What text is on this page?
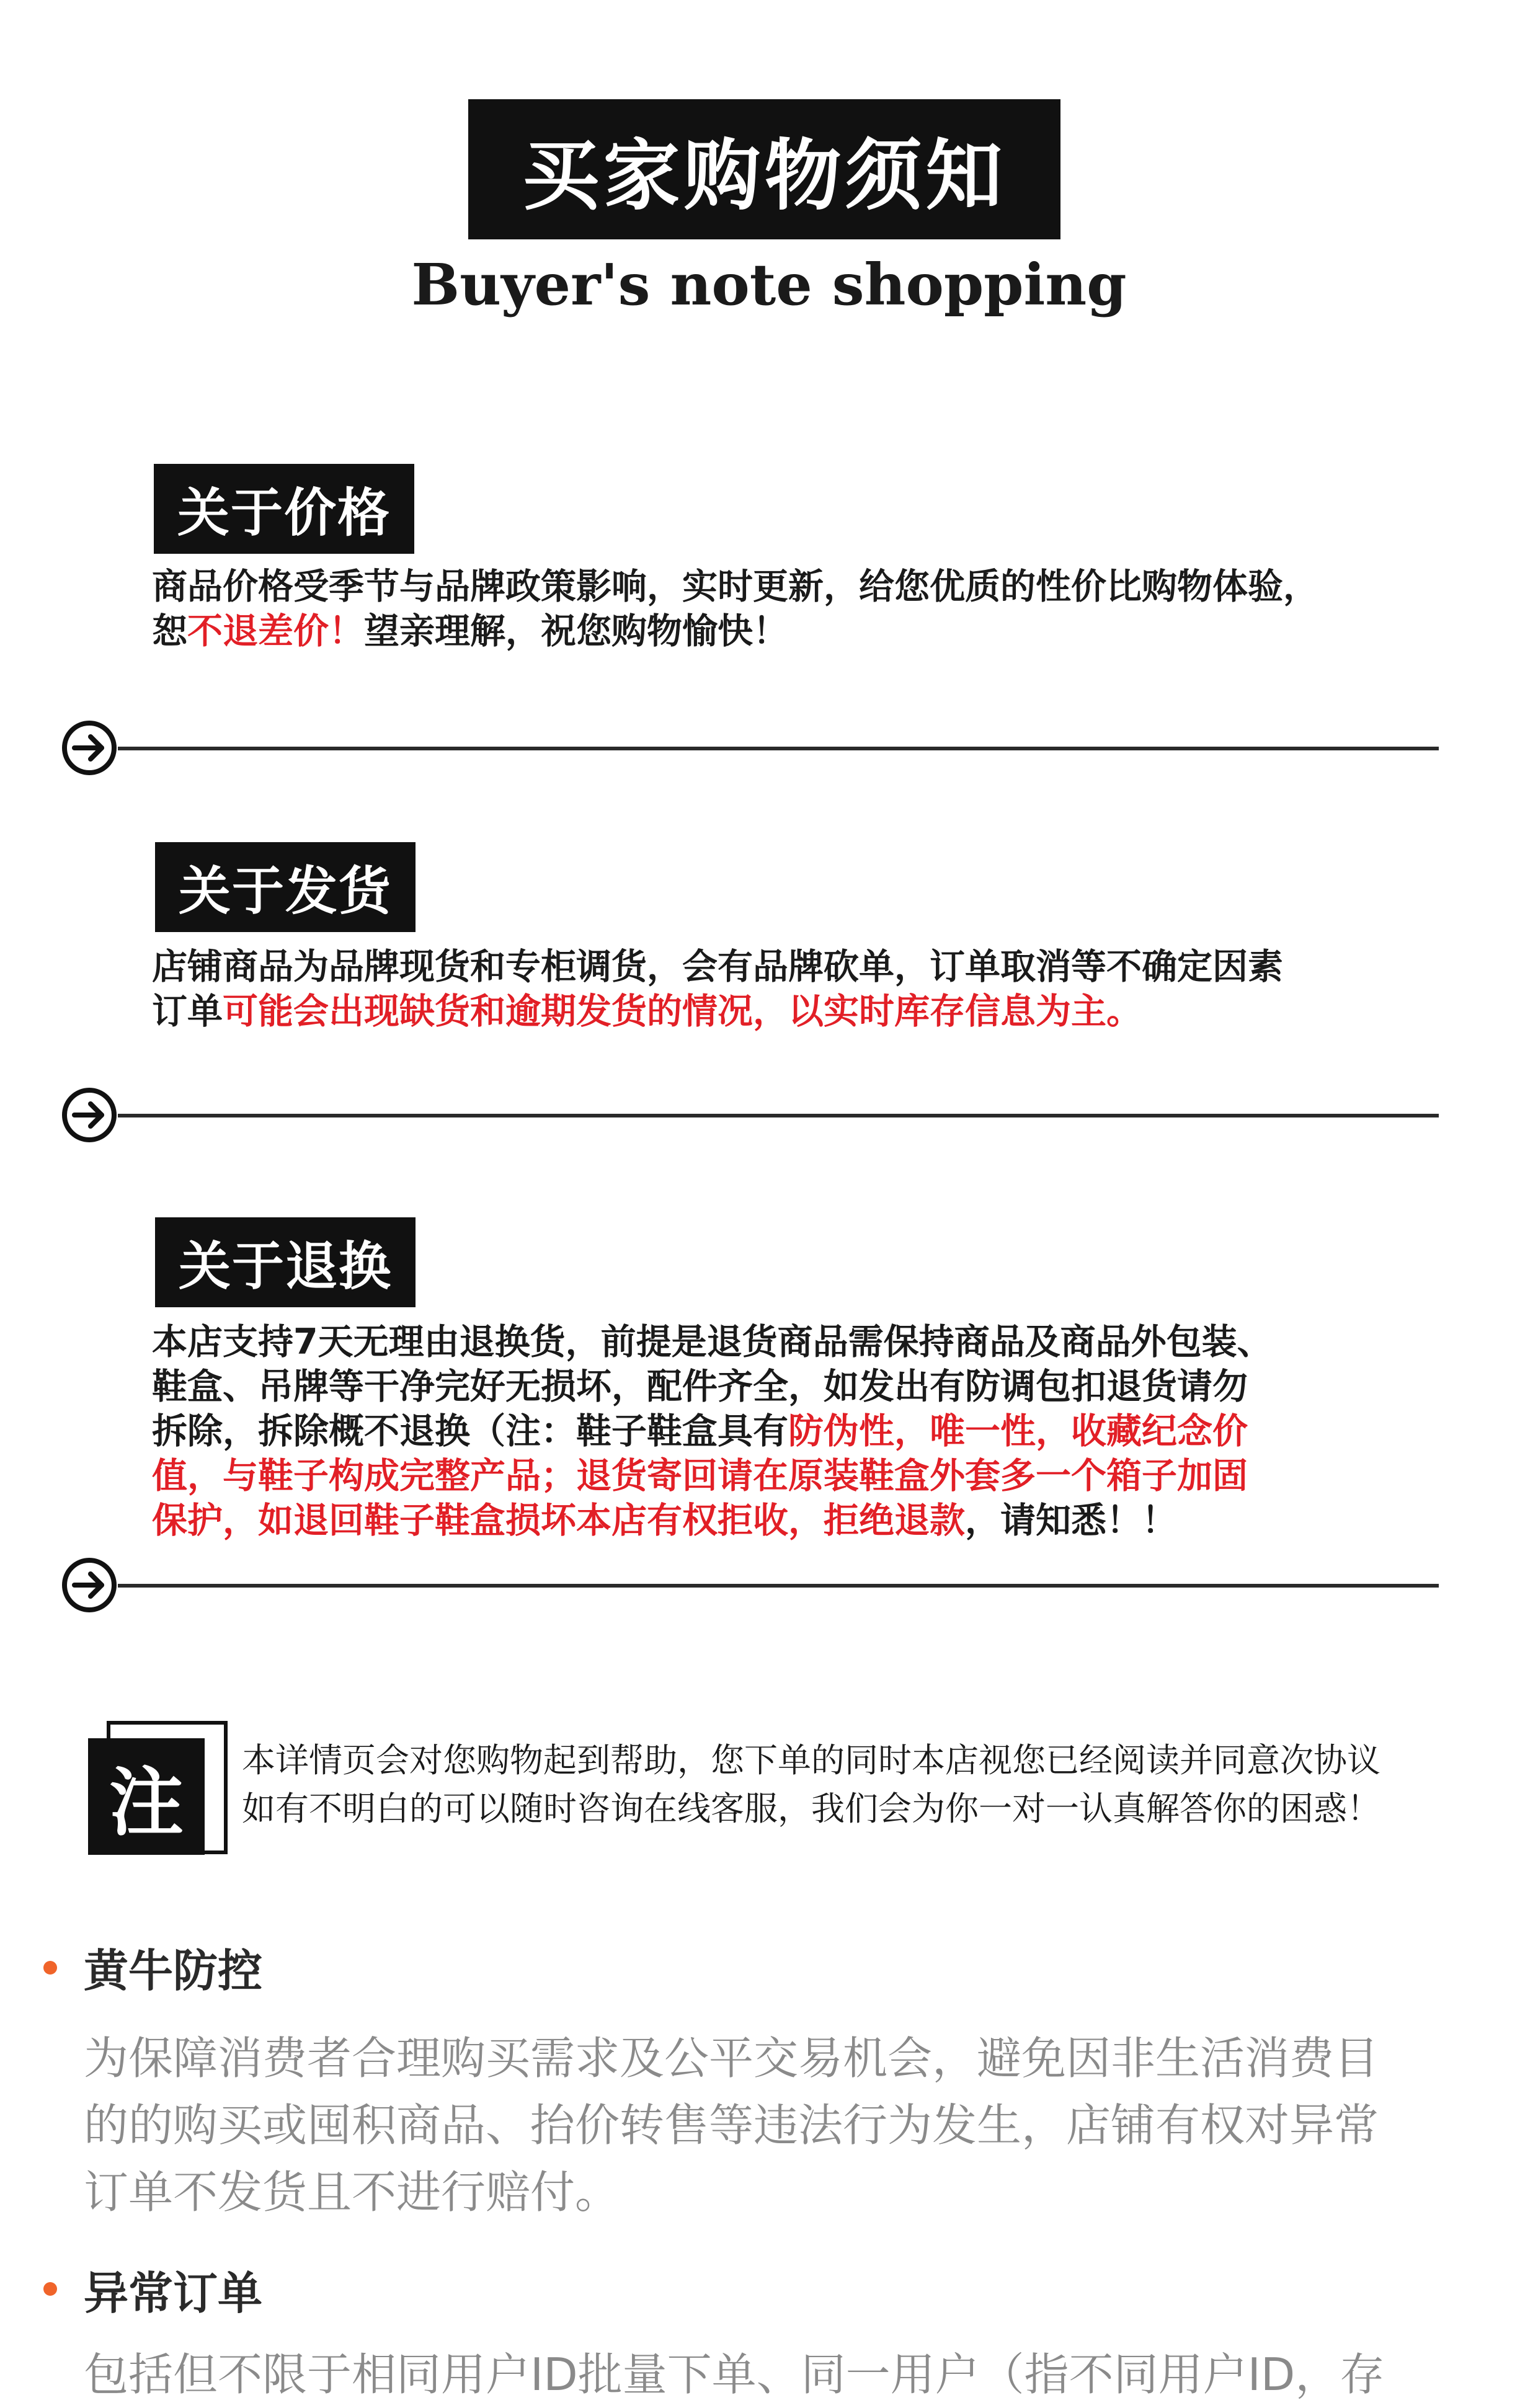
买家购物须知
Buyer's note shopping
关于价格
商品价格受季节与品牌政策影响，实时更新，给您优质的性价比购物体验，
恕不退差价！望亲理解，祝您购物愉快！
关于发货
店铺商品为品牌现货和专柜调货，会有品牌砍单，订单取消等不确定因素
订单可能会出现缺货和逾期发货的情况，以实时库存信息为主。
关于退换
本店支持7天无理由退换货，前提是退货商品需保持商品及商品外包装、
鞋盒、吊牌等干净完好无损坏，配件齐全，如发出有防调包扣退货请勿
拆除，拆除概不退换（注：鞋子鞋盒具有防伪性，唯一性，收藏纪念价
值，与鞋子构成完整产品；退货寄回请在原装鞋盒外套多一个箱子加固
保护，如退回鞋子鞋盒损坏本店有权拒收，拒绝退款，请知悉！！
注 本详情页会对您购物起到帮助，您下单的同时本店视您已经阅读并同意次协议
如有不明白的可以随时咨询在线客服，我们会为你一对一认真解答你的困惑！
黄牛防控
为保障消费者合理购买需求及公平交易机会，避免因非生活消费目
的的购买或囤积商品、抬价转售等违法行为发生，店铺有权对异常
订单不发货且不进行赔付。
异常订单
包括但不限于相同用户ID批量下单、同一用户（指不同用户ID，存
